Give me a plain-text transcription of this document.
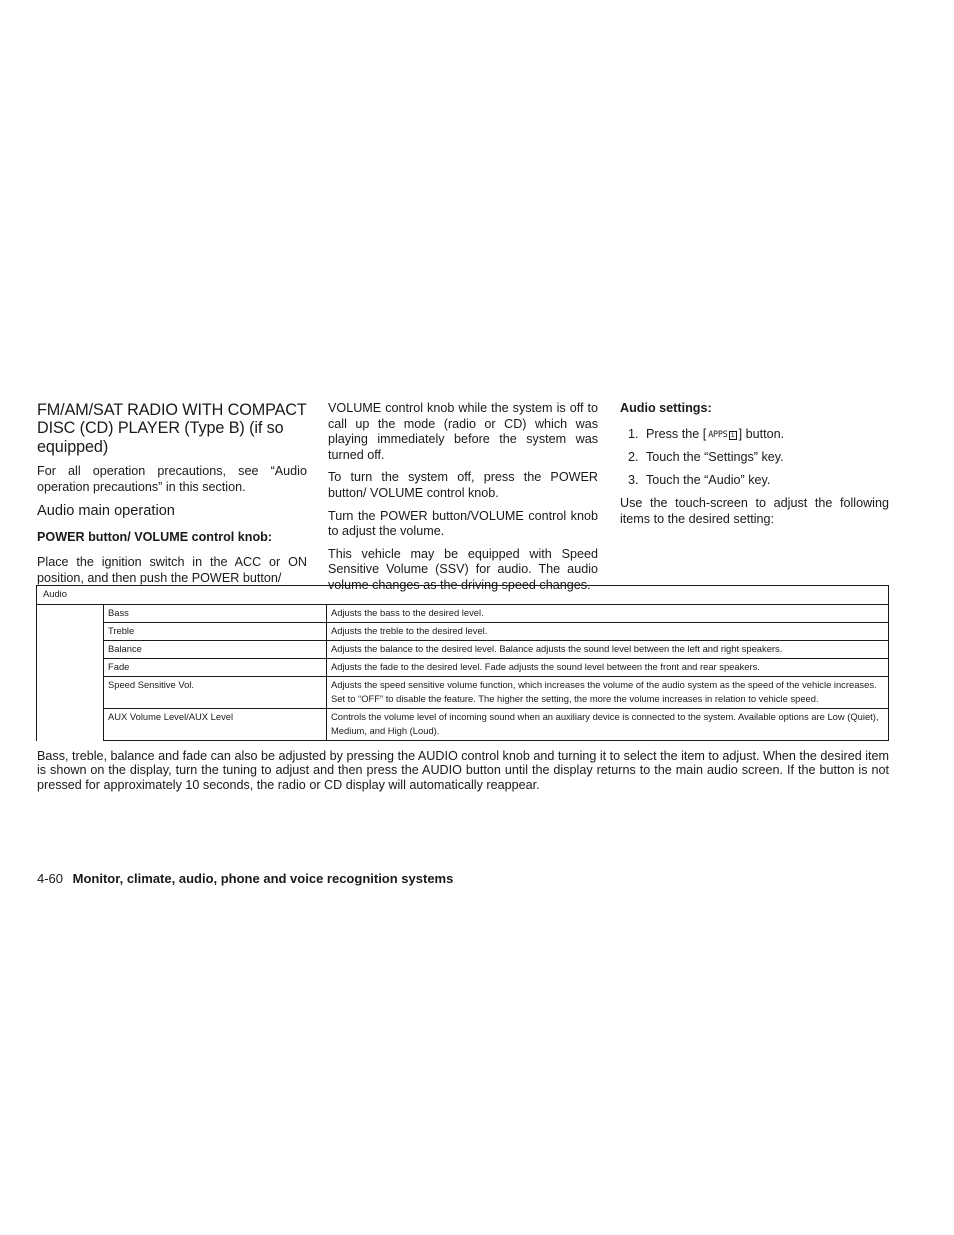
FM/AM/SAT RADIO WITH COMPACT DISC (CD) PLAYER (Type B) (if so equipped)

For all operation precautions, see “Audio operation precautions” in this section.

Audio main operation
POWER button/ VOLUME control knob:

Place the ignition switch in the ACC or ON position, and then push the POWER button/

VOLUME control knob while the system is off to call up the mode (radio or CD) which was playing immediately before the system was turned off.

To turn the system off, press the POWER button/ VOLUME control knob.

Turn the POWER button/VOLUME control knob to adjust the volume.

This vehicle may be equipped with Speed Sensitive Volume (SSV) for audio. The audio volume changes as the driving speed changes.

Audio settings:
1. Press the [ APPS i ] button.
2. Touch the “Settings” key.
3. Touch the “Audio” key.

Use the touch-screen to adjust the following items to the desired setting:

Audio		
	Bass	Adjusts the bass to the desired level.
	Treble	Adjusts the treble to the desired level.
	Balance	Adjusts the balance to the desired level. Balance adjusts the sound level between the left and right speakers.
	Fade	Adjusts the fade to the desired level. Fade adjusts the sound level between the front and rear speakers.
	Speed Sensitive Vol.	Adjusts the speed sensitive volume function, which increases the volume of the audio system as the speed of the vehicle increases. Set to “OFF” to disable the feature. The higher the setting, the more the volume increases in relation to vehicle speed.
	AUX Volume Level/AUX Level	Controls the volume level of incoming sound when an auxiliary device is connected to the system. Available options are Low (Quiet), Medium, and High (Loud).

Bass, treble, balance and fade can also be adjusted by pressing the AUDIO control knob and turning it to select the item to adjust. When the desired item is shown on the display, turn the tuning to adjust and then press the AUDIO button until the display returns to the main audio screen. If the button is not pressed for approximately 10 seconds, the radio or CD display will automatically reappear.

4-60 Monitor, climate, audio, phone and voice recognition systems
